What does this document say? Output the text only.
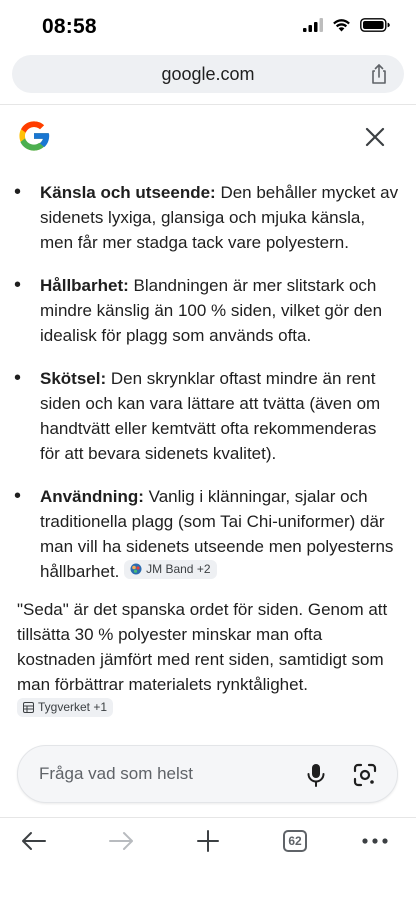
08:58
google.com
• Känsla och utseende: Den behåller mycket av sidenets lyxiga, glansiga och mjuka känsla, men får mer stadga tack vare polyestern.
• Hållbarhet: Blandningen är mer slitstark och mindre känslig än 100 % siden, vilket gör den idealisk för plagg som används ofta.
• Skötsel: Den skrynklar oftast mindre än rent siden och kan vara lättare att tvätta (även om handtvätt eller kemtvätt ofta rekommenderas för att bevara sidenets kvalitet).
• Användning: Vanlig i klänningar, sjalar och traditionella plagg (som Tai Chi-uniformer) där man vill ha sidenets utseende men polyesterns hållbarhet. JM Band +2

"Seda" är det spanska ordet för siden. Genom att tillsätta 30 % polyester minskar man ofta kostnaden jämfört med rent siden, samtidigt som man förbättrar materialets rynktålighet.
Tygverket +1

Fråga vad som helst
62
